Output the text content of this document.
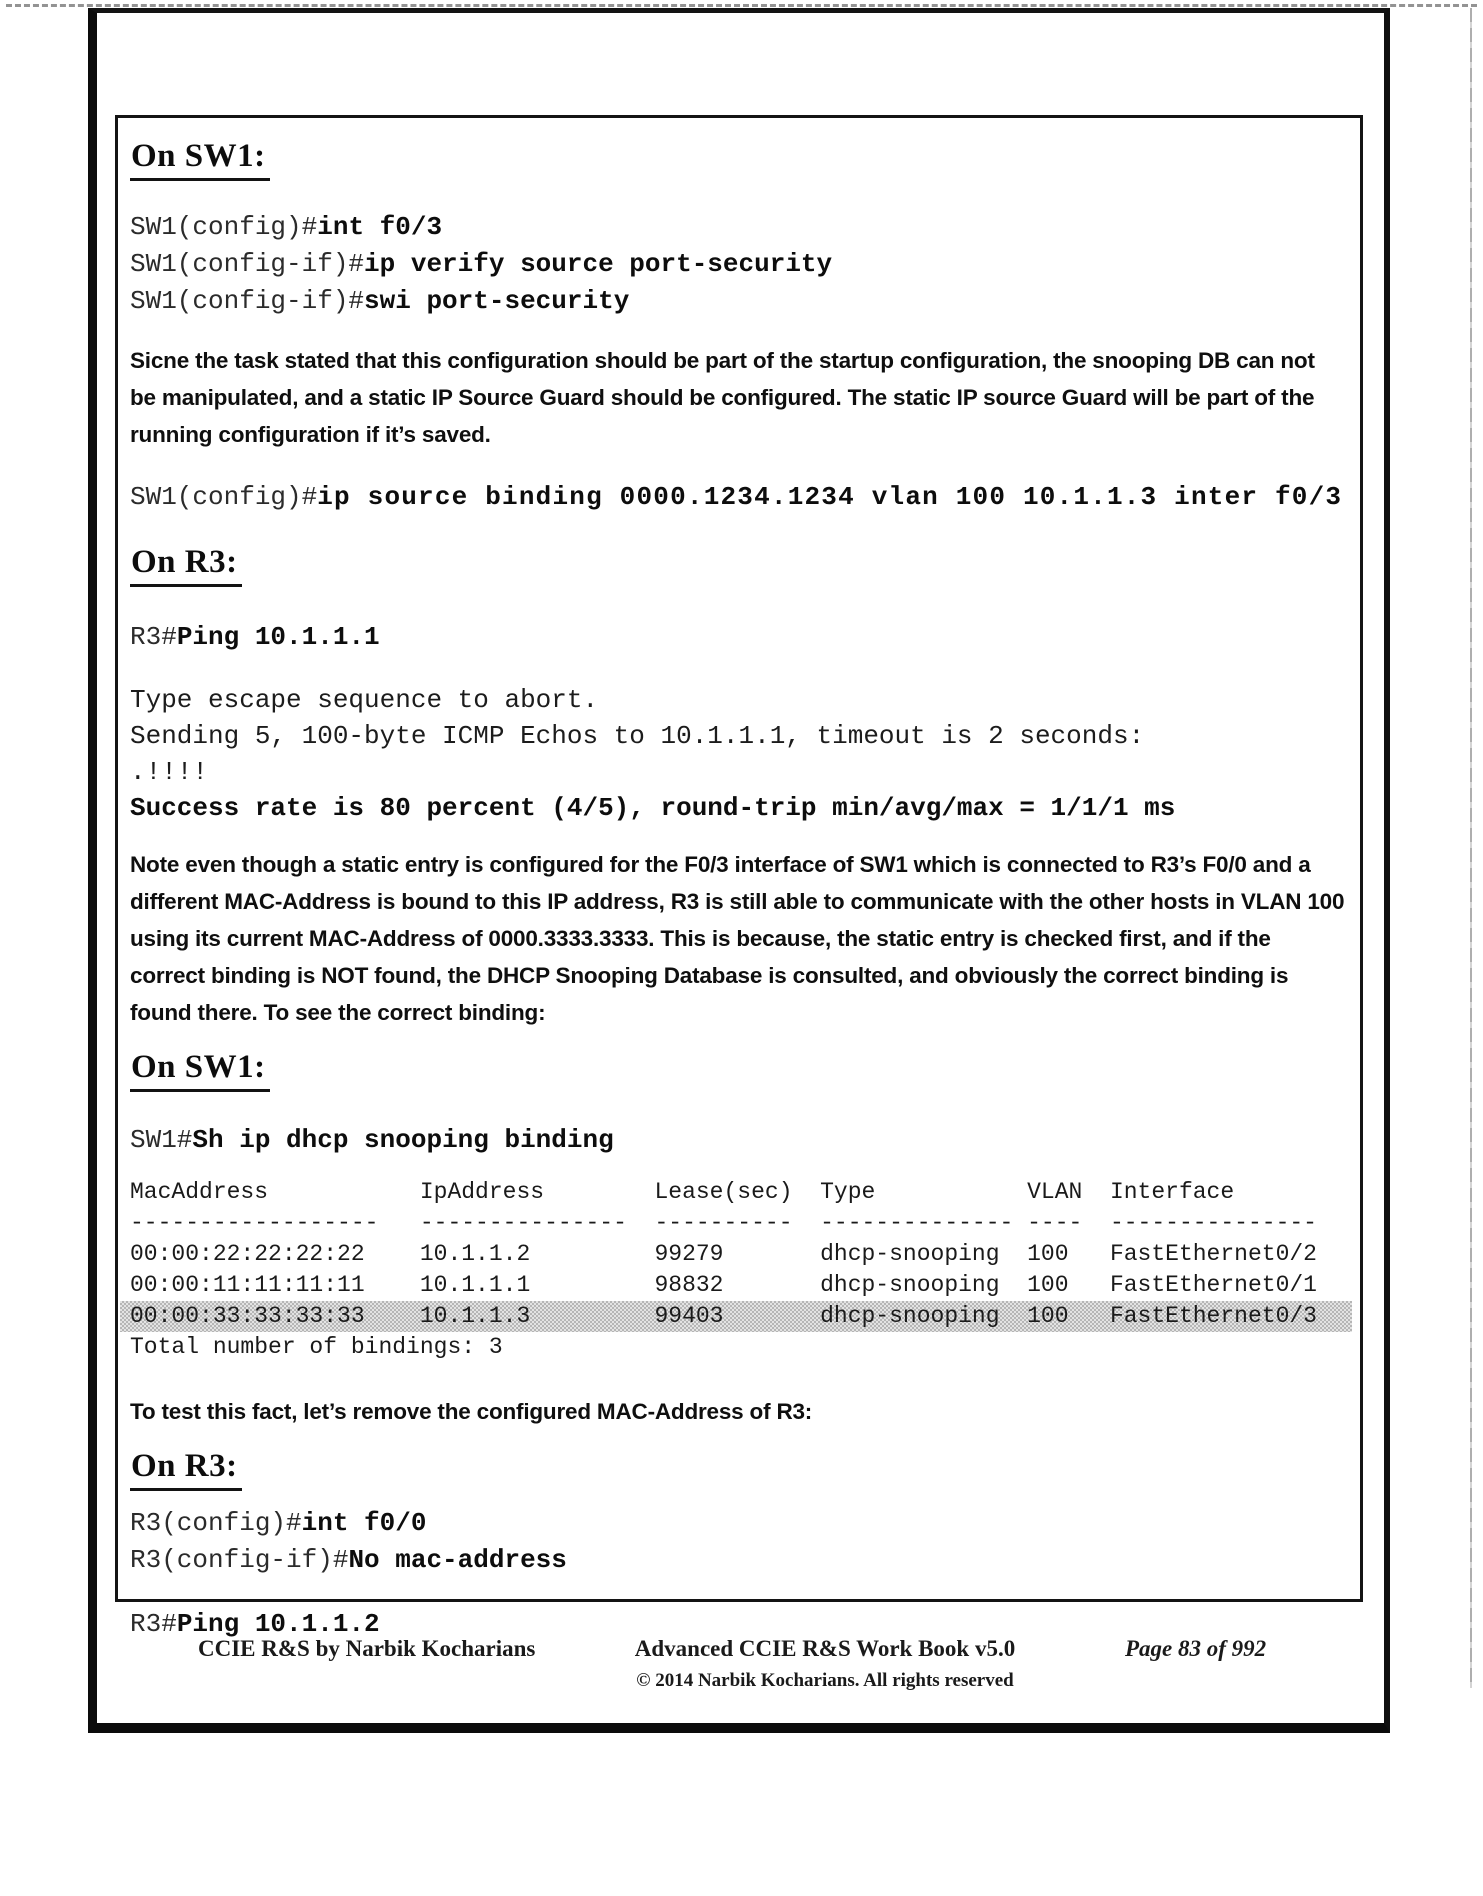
On SW1:
SW1(config)#int f0/3
SW1(config-if)#ip verify source port-security
SW1(config-if)#swi port-security

Sicne the task stated that this configuration should be part of the startup configuration, the snooping DB can not be manipulated, and a static IP Source Guard should be configured. The static IP source Guard will be part of the running configuration if it’s saved.

SW1(config)#ip source binding 0000.1234.1234 vlan 100 10.1.1.3 inter f0/3
On R3:
R3#Ping 10.1.1.1
Type escape sequence to abort.
Sending 5, 100-byte ICMP Echos to 10.1.1.1, timeout is 2 seconds:
.!!!!
Success rate is 80 percent (4/5), round-trip min/avg/max = 1/1/1 ms

Note even though a static entry is configured for the F0/3 interface of SW1 which is connected to R3’s F0/0 and a different MAC-Address is bound to this IP address, R3 is still able to communicate with the other hosts in VLAN 100 using its current MAC-Address of 0000.3333.3333. This is because, the static entry is checked first, and if the correct binding is NOT found, the DHCP Snooping Database is consulted, and obviously the correct binding is found there. To see the correct binding:

On SW1:
SW1#Sh ip dhcp snooping binding
MacAddress	IpAddress	Lease(sec)	Type	VLAN	Interface
------------------	---------------	----------	-------------- ----	---------------
00:00:22:22:22:22	10.1.1.2	99279	dhcp-snooping	100	FastEthernet0/2
00:00:11:11:11:11	10.1.1.1	98832	dhcp-snooping	100	FastEthernet0/1
00:00:33:33:33:33	10.1.1.3	99403	dhcp-snooping	100	FastEthernet0/3
Total number of bindings: 3

To test this fact, let’s remove the configured MAC-Address of R3:

On R3:
R3(config)#int f0/0
R3(config-if)#No mac-address
R3#Ping 10.1.1.2
CCIE R&S by Narbik Kocharians	Advanced CCIE R&S Work Book v5.0
© 2014 Narbik Kocharians. All rights reserved
Page 83 of 992
